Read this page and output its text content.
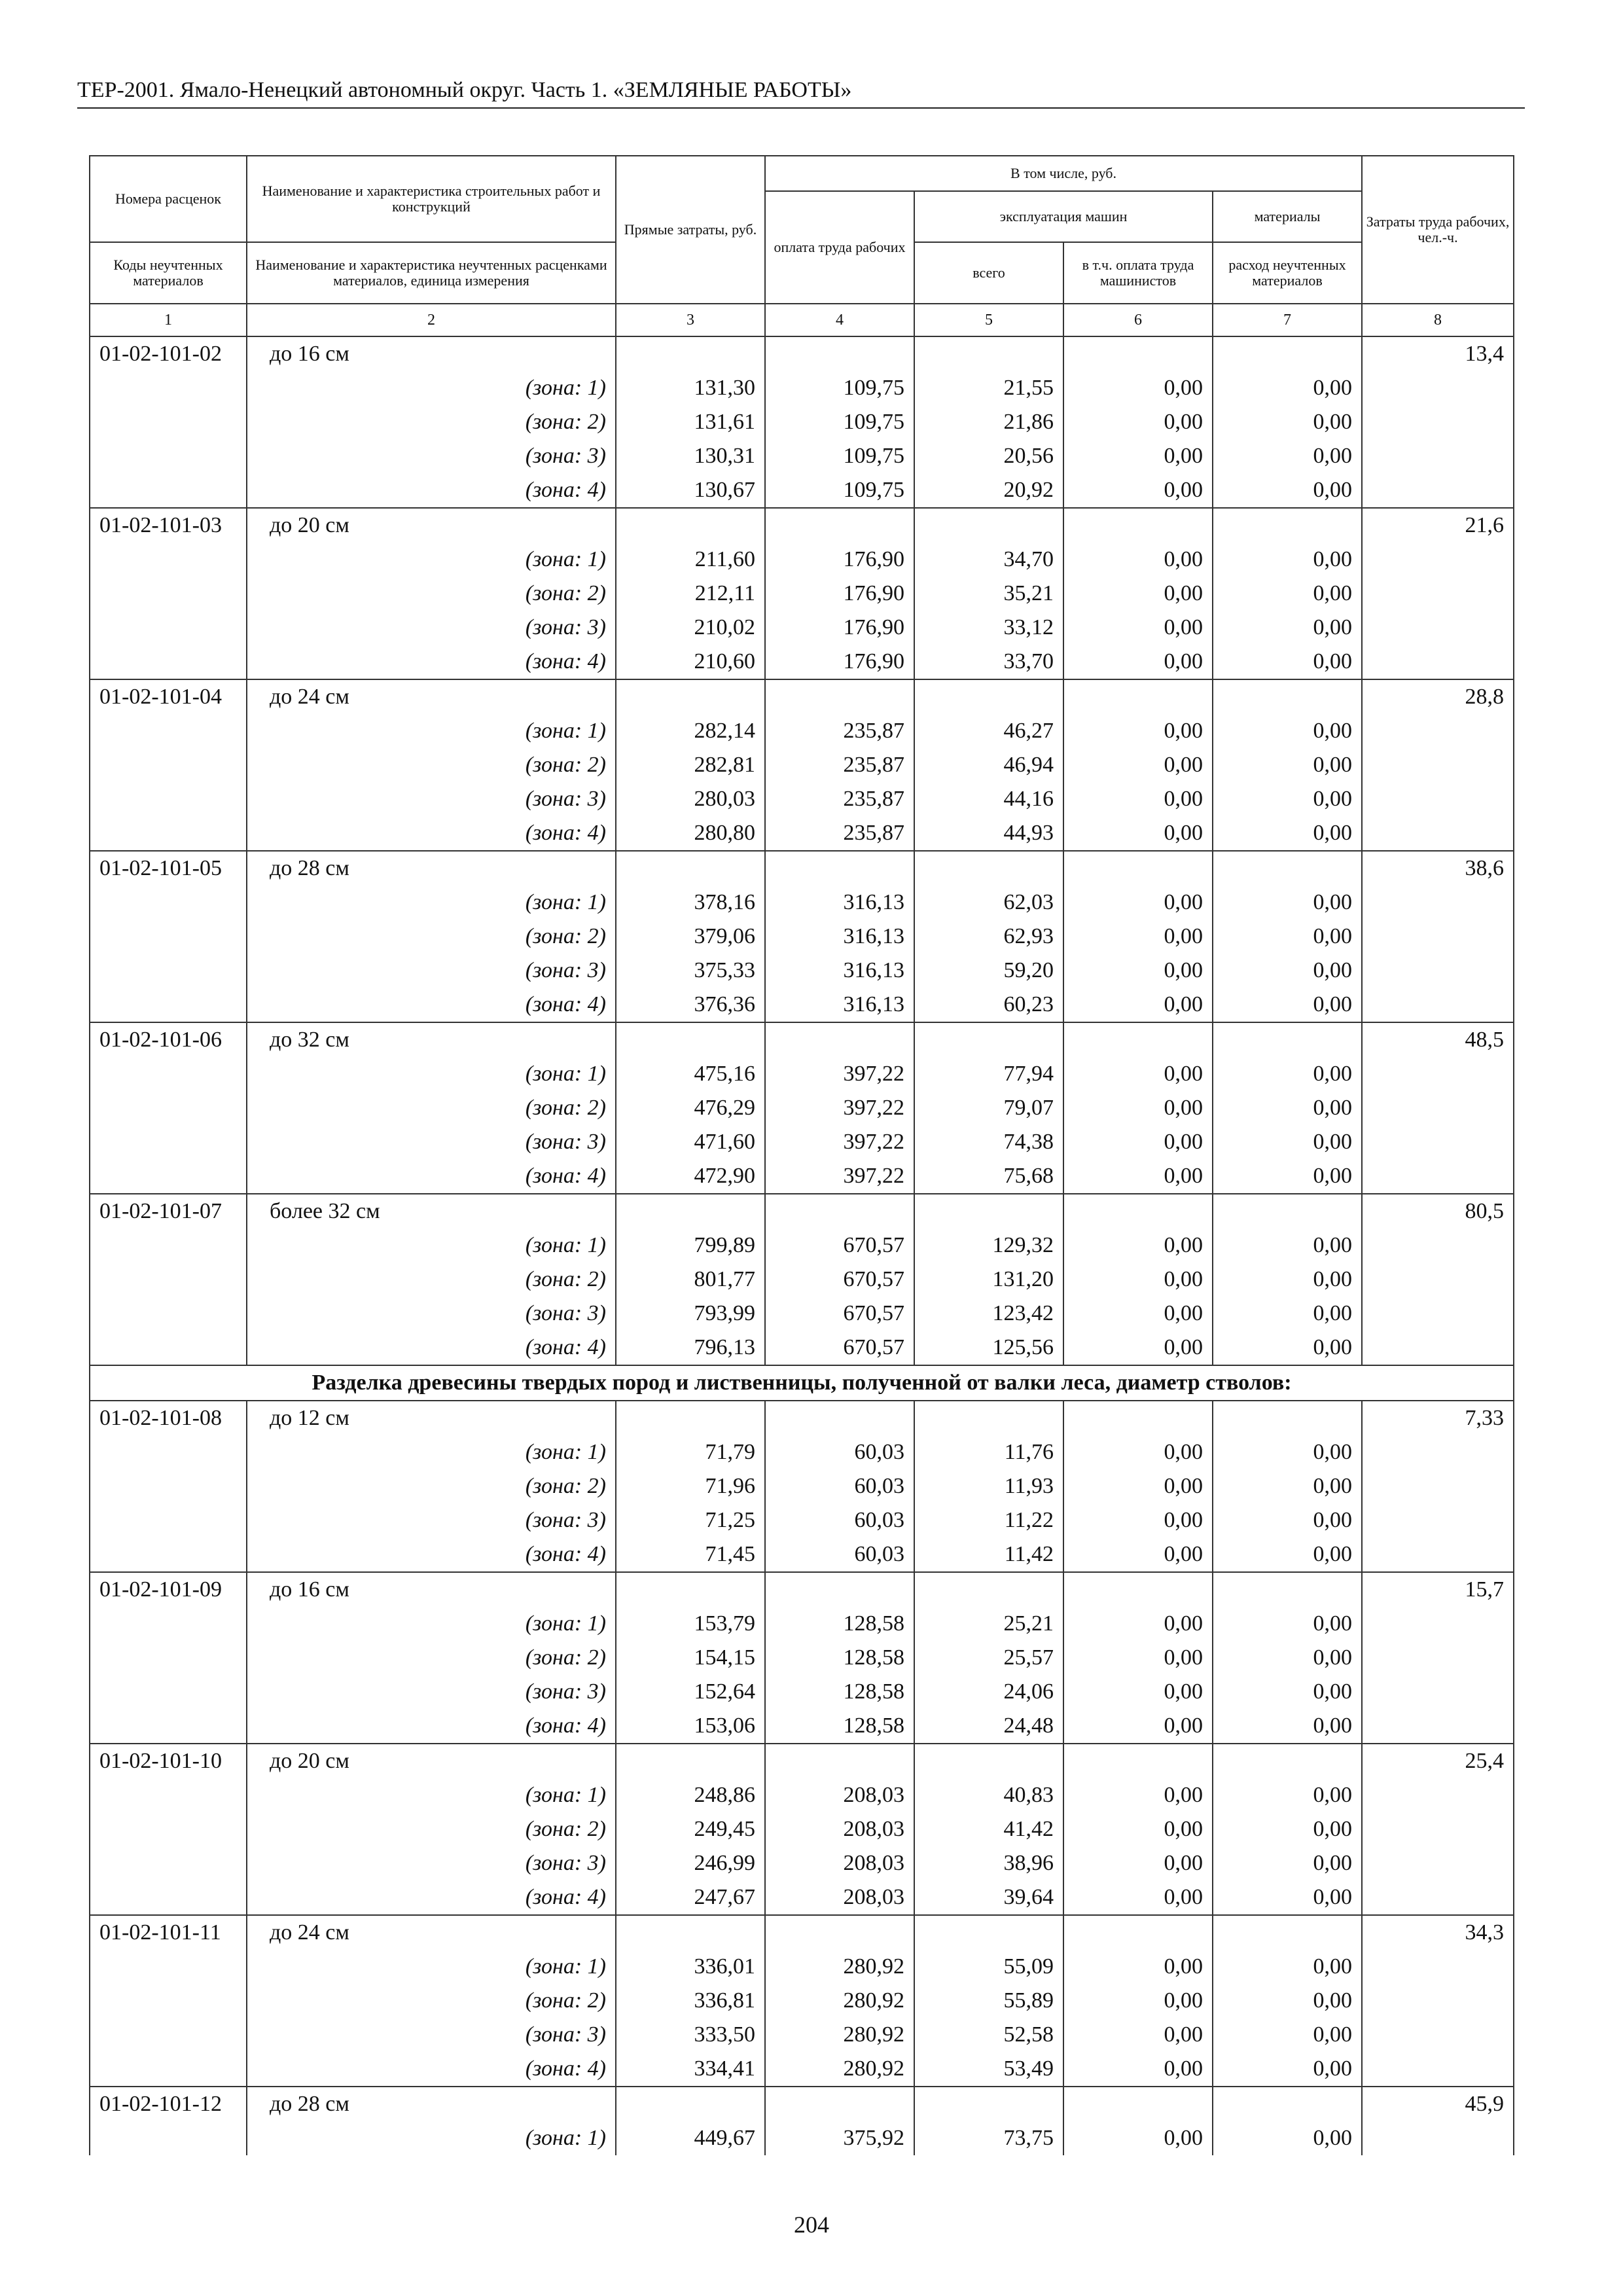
ТЕР-2001. Ямало-Ненецкий автономный округ. Часть 1. «ЗЕМЛЯНЫЕ РАБОТЫ»
Номера расценок	Наименование и характеристика строительных работ и конструкций	Прямые затраты, руб.	В том числе, руб.				Затраты труда рабочих, чел.-ч.
			оплата труда рабочих	эксплуатация машин		материалы	
Коды неучтенных материалов	Наименование и характеристика неучтенных расценками материалов, единица измерения			всего	в т.ч. оплата труда машинистов	расход неучтенных материалов	
1	2	3	4	5	6	7	8
01-02-101-02	до 16 см						13,4
	(зона: 1)	131,30	109,75	21,55	0,00	0,00	
	(зона: 2)	131,61	109,75	21,86	0,00	0,00	
	(зона: 3)	130,31	109,75	20,56	0,00	0,00	
	(зона: 4)	130,67	109,75	20,92	0,00	0,00	
01-02-101-03	до 20 см						21,6
	(зона: 1)	211,60	176,90	34,70	0,00	0,00	
	(зона: 2)	212,11	176,90	35,21	0,00	0,00	
	(зона: 3)	210,02	176,90	33,12	0,00	0,00	
	(зона: 4)	210,60	176,90	33,70	0,00	0,00	
01-02-101-04	до 24 см						28,8
	(зона: 1)	282,14	235,87	46,27	0,00	0,00	
	(зона: 2)	282,81	235,87	46,94	0,00	0,00	
	(зона: 3)	280,03	235,87	44,16	0,00	0,00	
	(зона: 4)	280,80	235,87	44,93	0,00	0,00	
01-02-101-05	до 28 см						38,6
	(зона: 1)	378,16	316,13	62,03	0,00	0,00	
	(зона: 2)	379,06	316,13	62,93	0,00	0,00	
	(зона: 3)	375,33	316,13	59,20	0,00	0,00	
	(зона: 4)	376,36	316,13	60,23	0,00	0,00	
01-02-101-06	до 32 см						48,5
	(зона: 1)	475,16	397,22	77,94	0,00	0,00	
	(зона: 2)	476,29	397,22	79,07	0,00	0,00	
	(зона: 3)	471,60	397,22	74,38	0,00	0,00	
	(зона: 4)	472,90	397,22	75,68	0,00	0,00	
01-02-101-07	более 32 см						80,5
	(зона: 1)	799,89	670,57	129,32	0,00	0,00	
	(зона: 2)	801,77	670,57	131,20	0,00	0,00	
	(зона: 3)	793,99	670,57	123,42	0,00	0,00	
	(зона: 4)	796,13	670,57	125,56	0,00	0,00	
Разделка древесины твердых пород и лиственницы, полученной от валки леса, диаметр стволов:							
01-02-101-08	до 12 см						7,33
	(зона: 1)	71,79	60,03	11,76	0,00	0,00	
	(зона: 2)	71,96	60,03	11,93	0,00	0,00	
	(зона: 3)	71,25	60,03	11,22	0,00	0,00	
	(зона: 4)	71,45	60,03	11,42	0,00	0,00	
01-02-101-09	до 16 см						15,7
	(зона: 1)	153,79	128,58	25,21	0,00	0,00	
	(зона: 2)	154,15	128,58	25,57	0,00	0,00	
	(зона: 3)	152,64	128,58	24,06	0,00	0,00	
	(зона: 4)	153,06	128,58	24,48	0,00	0,00	
01-02-101-10	до 20 см						25,4
	(зона: 1)	248,86	208,03	40,83	0,00	0,00	
	(зона: 2)	249,45	208,03	41,42	0,00	0,00	
	(зона: 3)	246,99	208,03	38,96	0,00	0,00	
	(зона: 4)	247,67	208,03	39,64	0,00	0,00	
01-02-101-11	до 24 см						34,3
	(зона: 1)	336,01	280,92	55,09	0,00	0,00	
	(зона: 2)	336,81	280,92	55,89	0,00	0,00	
	(зона: 3)	333,50	280,92	52,58	0,00	0,00	
	(зона: 4)	334,41	280,92	53,49	0,00	0,00	
01-02-101-12	до 28 см						45,9
	(зона: 1)	449,67	375,92	73,75	0,00	0,00	
204
